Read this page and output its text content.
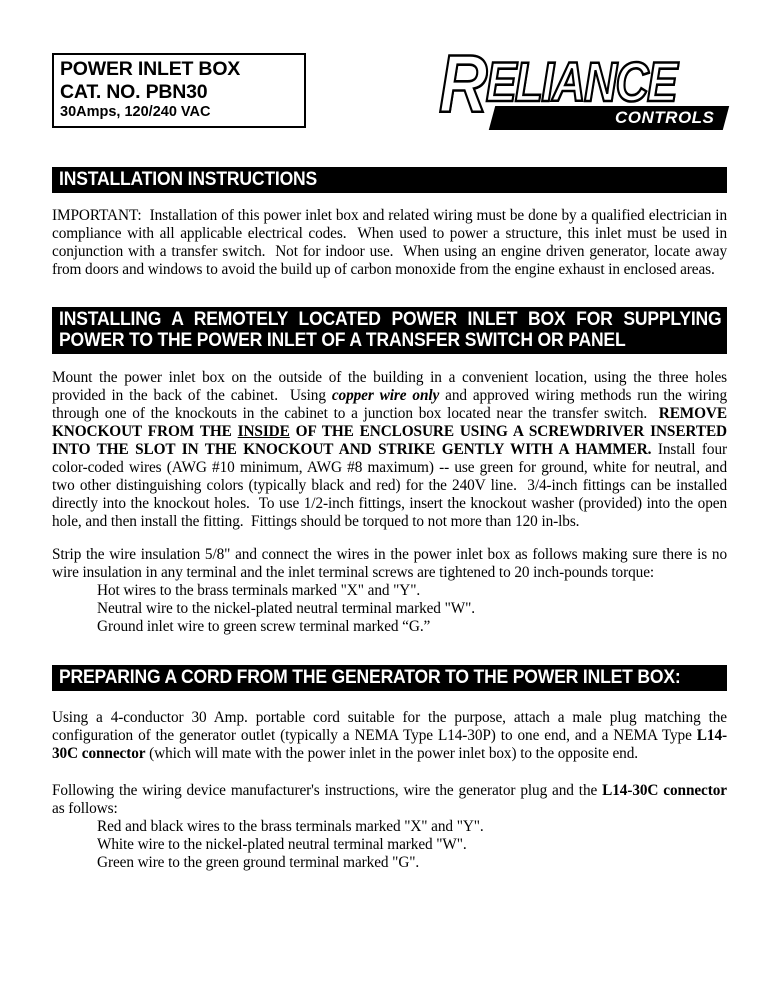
POWER INLET BOX
CAT. NO. PBN30
30Amps, 120/240 VAC	RELIANCE
CONTROLS
INSTALLATION INSTRUCTIONS

IMPORTANT:  Installation of this power inlet box and related wiring must be done by a qualified electrician in compliance with all applicable electrical codes.  When used to power a structure, this inlet must be used in conjunction with a transfer switch.  Not for indoor use.  When using an engine driven generator, locate away from doors and windows to avoid the build up of carbon monoxide from the engine exhaust in enclosed areas.

INSTALLING A REMOTELY LOCATED POWER INLET BOX FOR SUPPLYING
POWER TO THE POWER INLET OF A TRANSFER SWITCH OR PANEL

Mount the power inlet box on the outside of the building in a convenient location, using the three holes provided in the back of the cabinet.  Using copper wire only and approved wiring methods run the wiring through one of the knockouts in the cabinet to a junction box located near the transfer switch.  REMOVE KNOCKOUT FROM THE INSIDE OF THE ENCLOSURE USING A SCREWDRIVER INSERTED INTO THE SLOT IN THE KNOCKOUT AND STRIKE GENTLY WITH A HAMMER. Install four color-coded wires (AWG #10 minimum, AWG #8 maximum) -- use green for ground, white for neutral, and two other distinguishing colors (typically black and red) for the 240V line.  3/4-inch fittings can be installed directly into the knockout holes.  To use 1/2-inch fittings, insert the knockout washer (provided) into the open hole, and then install the fitting.  Fittings should be torqued to not more than 120 in-lbs.

Strip the wire insulation 5/8" and connect the wires in the power inlet box as follows making sure there is no wire insulation in any terminal and the inlet terminal screws are tightened to 20 inch-pounds torque:
Hot wires to the brass terminals marked "X" and "Y".
Neutral wire to the nickel-plated neutral terminal marked "W".
Ground inlet wire to green screw terminal marked “G.”
PREPARING A CORD FROM THE GENERATOR TO THE POWER INLET BOX:

Using a 4-conductor 30 Amp. portable cord suitable for the purpose, attach a male plug matching the configuration of the generator outlet (typically a NEMA Type L14-30P) to one end, and a NEMA Type L14-30C connector (which will mate with the power inlet in the power inlet box) to the opposite end.

Following the wiring device manufacturer's instructions, wire the generator plug and the L14-30C connector as follows:
Red and black wires to the brass terminals marked "X" and "Y".
White wire to the nickel-plated neutral terminal marked "W".
Green wire to the green ground terminal marked "G".
